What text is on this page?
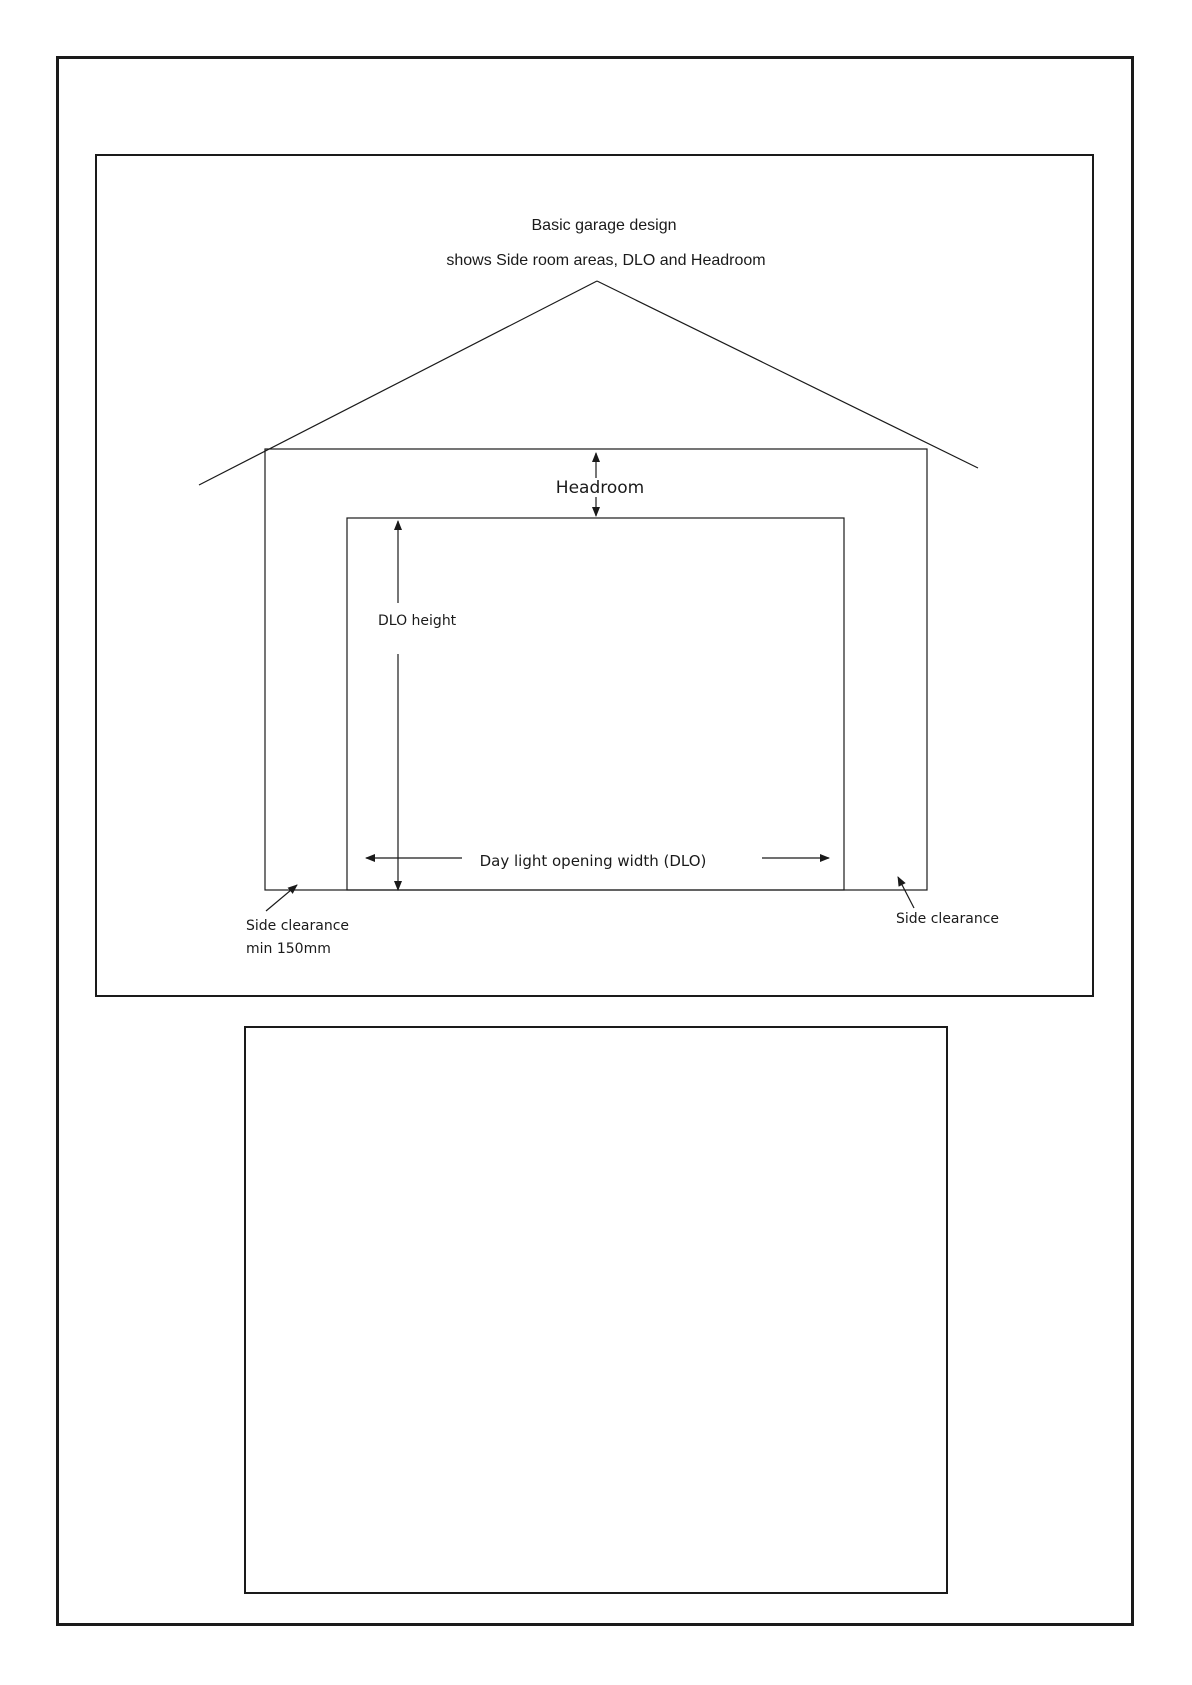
Basic garage design
shows Side room areas, DLO and Headroom
Headroom
DLO height
Day light opening width (DLO)
Side clearance
min 150mm
Side clearance
